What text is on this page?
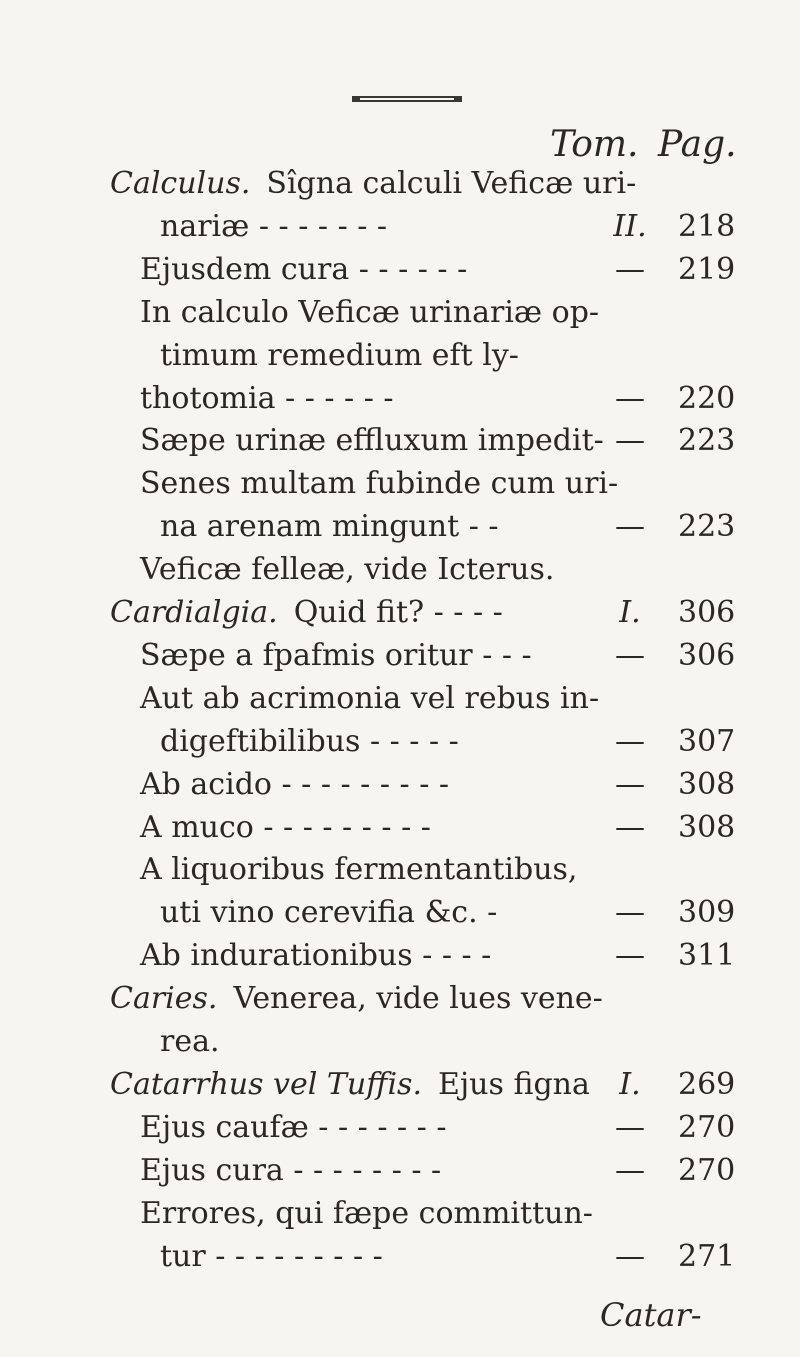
Tom. Pag.
Calculus. Sîgna calculi Veficæ uri-
nariæ - - - - - - -	II.	218
Ejusdem cura - - - - - -	—	219
In calculo Veficæ urinariæ op-
timum remedium eft ly-
thotomia - - - - - -	—	220
Sæpe urinæ effluxum impedit- —	223
Senes multam fubinde cum uri-
na arenam mingunt - -	—	223
Veficæ felleæ, vide Icterus.
Cardialgia. Quid fit? - - - -	I.	306
Sæpe a fpafmis oritur - - -	—	306
Aut ab acrimonia vel rebus in-
digeftibilibus - - - - -	—	307
Ab acido - - - - - - - - -	—	308
A muco - - - - - - - - -	—	308
A liquoribus fermentantibus,
uti vino cerevifia &c. -	—	309
Ab indurationibus - - - -	—	311
Caries. Venerea, vide lues vene-
rea.
Catarrhus vel Tuffis. Ejus figna I.	269
Ejus caufæ - - - - - - -	—	270
Ejus cura - - - - - - - -	—	270
Errores, qui fæpe committun-
tur - - - - - - - - -	—	271
Catar-
